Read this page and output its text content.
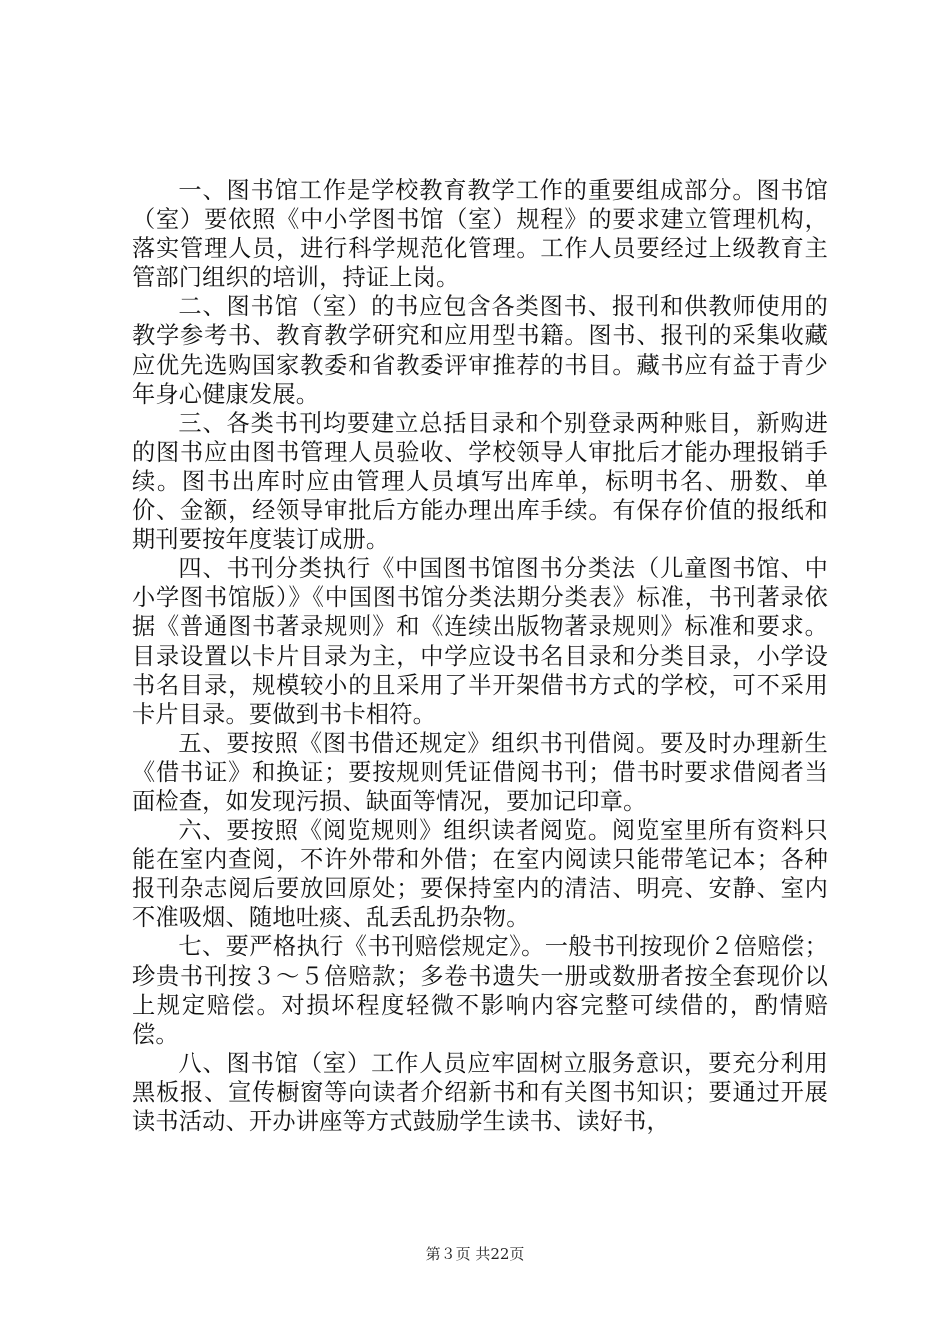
一、图书馆工作是学校教育教学工作的重要组成部分。图书馆（室）要依照《中小学图书馆（室）规程》的要求建立管理机构，落实管理人员，进行科学规范化管理。工作人员要经过上级教育主管部门组织的培训，持证上岗。

二、图书馆（室）的书应包含各类图书、报刊和供教师使用的教学参考书、教育教学研究和应用型书籍。图书、报刊的采集收藏应优先选购国家教委和省教委评审推荐的书目。藏书应有益于青少年身心健康发展。

三、各类书刊均要建立总括目录和个别登录两种账目，新购进的图书应由图书管理人员验收、学校领导人审批后才能办理报销手续。图书出库时应由管理人员填写出库单，标明书名、册数、单价、金额，经领导审批后方能办理出库手续。有保存价值的报纸和期刊要按年度装订成册。

四、书刊分类执行《中国图书馆图书分类法（儿童图书馆、中小学图书馆版）》《中国图书馆分类法期分类表》标准，书刊著录依据《普通图书著录规则》和《连续出版物著录规则》标准和要求。目录设置以卡片目录为主，中学应设书名目录和分类目录，小学设书名目录，规模较小的且采用了半开架借书方式的学校，可不采用卡片目录。要做到书卡相符。

五、要按照《图书借还规定》组织书刊借阅。要及时办理新生《借书证》和换证；要按规则凭证借阅书刊；借书时要求借阅者当面检查，如发现污损、缺面等情况，要加记印章。

六、要按照《阅览规则》组织读者阅览。阅览室里所有资料只能在室内查阅，不许外带和外借；在室内阅读只能带笔记本；各种报刊杂志阅后要放回原处；要保持室内的清洁、明亮、安静、室内不准吸烟、随地吐痰、乱丢乱扔杂物。

七、要严格执行《书刊赔偿规定》。一般书刊按现价２倍赔偿；珍贵书刊按３～５倍赔款；多卷书遗失一册或数册者按全套现价以上规定赔偿。对损坏程度轻微不影响内容完整可续借的，酌情赔偿。

八、图书馆（室）工作人员应牢固树立服务意识，要充分利用黑板报、宣传橱窗等向读者介绍新书和有关图书知识；要通过开展读书活动、开办讲座等方式鼓励学生读书、读好书，

第３页 共22页
